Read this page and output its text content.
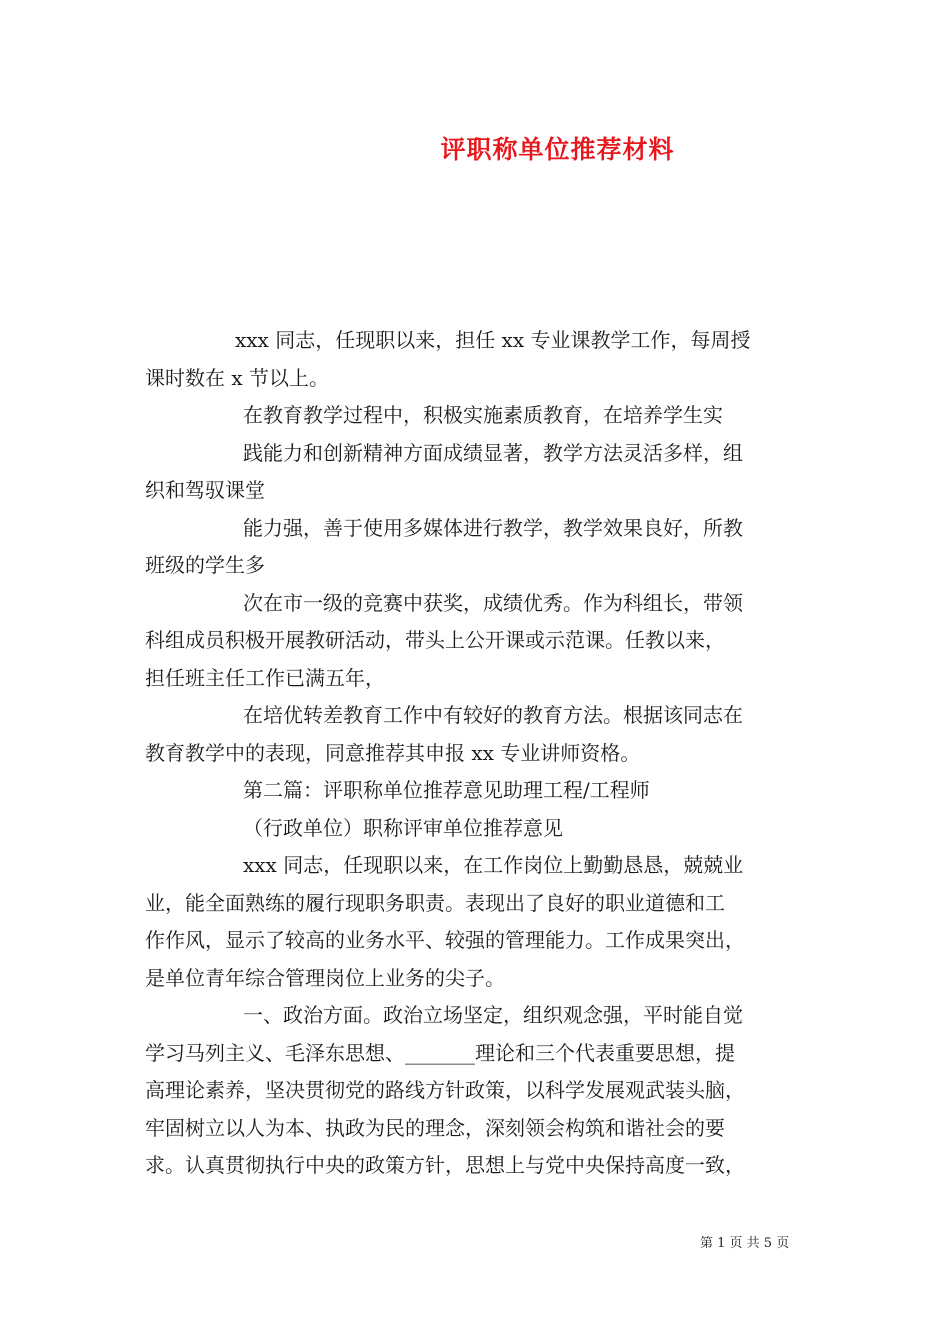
评职称单位推荐材料
xxx 同志，任现职以来，担任 xx 专业课教学工作，每周授
课时数在 x 节以上。
在教育教学过程中，积极实施素质教育，在培养学生实
践能力和创新精神方面成绩显著，教学方法灵活多样，组
织和驾驭课堂
能力强，善于使用多媒体进行教学，教学效果良好，所教
班级的学生多
次在市一级的竞赛中获奖，成绩优秀。作为科组长，带领
科组成员积极开展教研活动，带头上公开课或示范课。任教以来，
担任班主任工作已满五年，
在培优转差教育工作中有较好的教育方法。根据该同志在
教育教学中的表现，同意推荐其申报 xx 专业讲师资格。
第二篇：评职称单位推荐意见助理工程/工程师
（行政单位）职称评审单位推荐意见
xxx 同志，任现职以来，在工作岗位上勤勤恳恳，兢兢业
业，能全面熟练的履行现职务职责。表现出了良好的职业道德和工
作作风，显示了较高的业务水平、较强的管理能力。工作成果突出，
是单位青年综合管理岗位上业务的尖子。
一、政治方面。政治立场坚定，组织观念强，平时能自觉
学习马列主义、毛泽东思想、_______理论和三个代表重要思想，提
高理论素养，坚决贯彻党的路线方针政策，以科学发展观武装头脑，
牢固树立以人为本、执政为民的理念，深刻领会构筑和谐社会的要
求。认真贯彻执行中央的政策方针，思想上与党中央保持高度一致，
第 1 页 共 5 页
